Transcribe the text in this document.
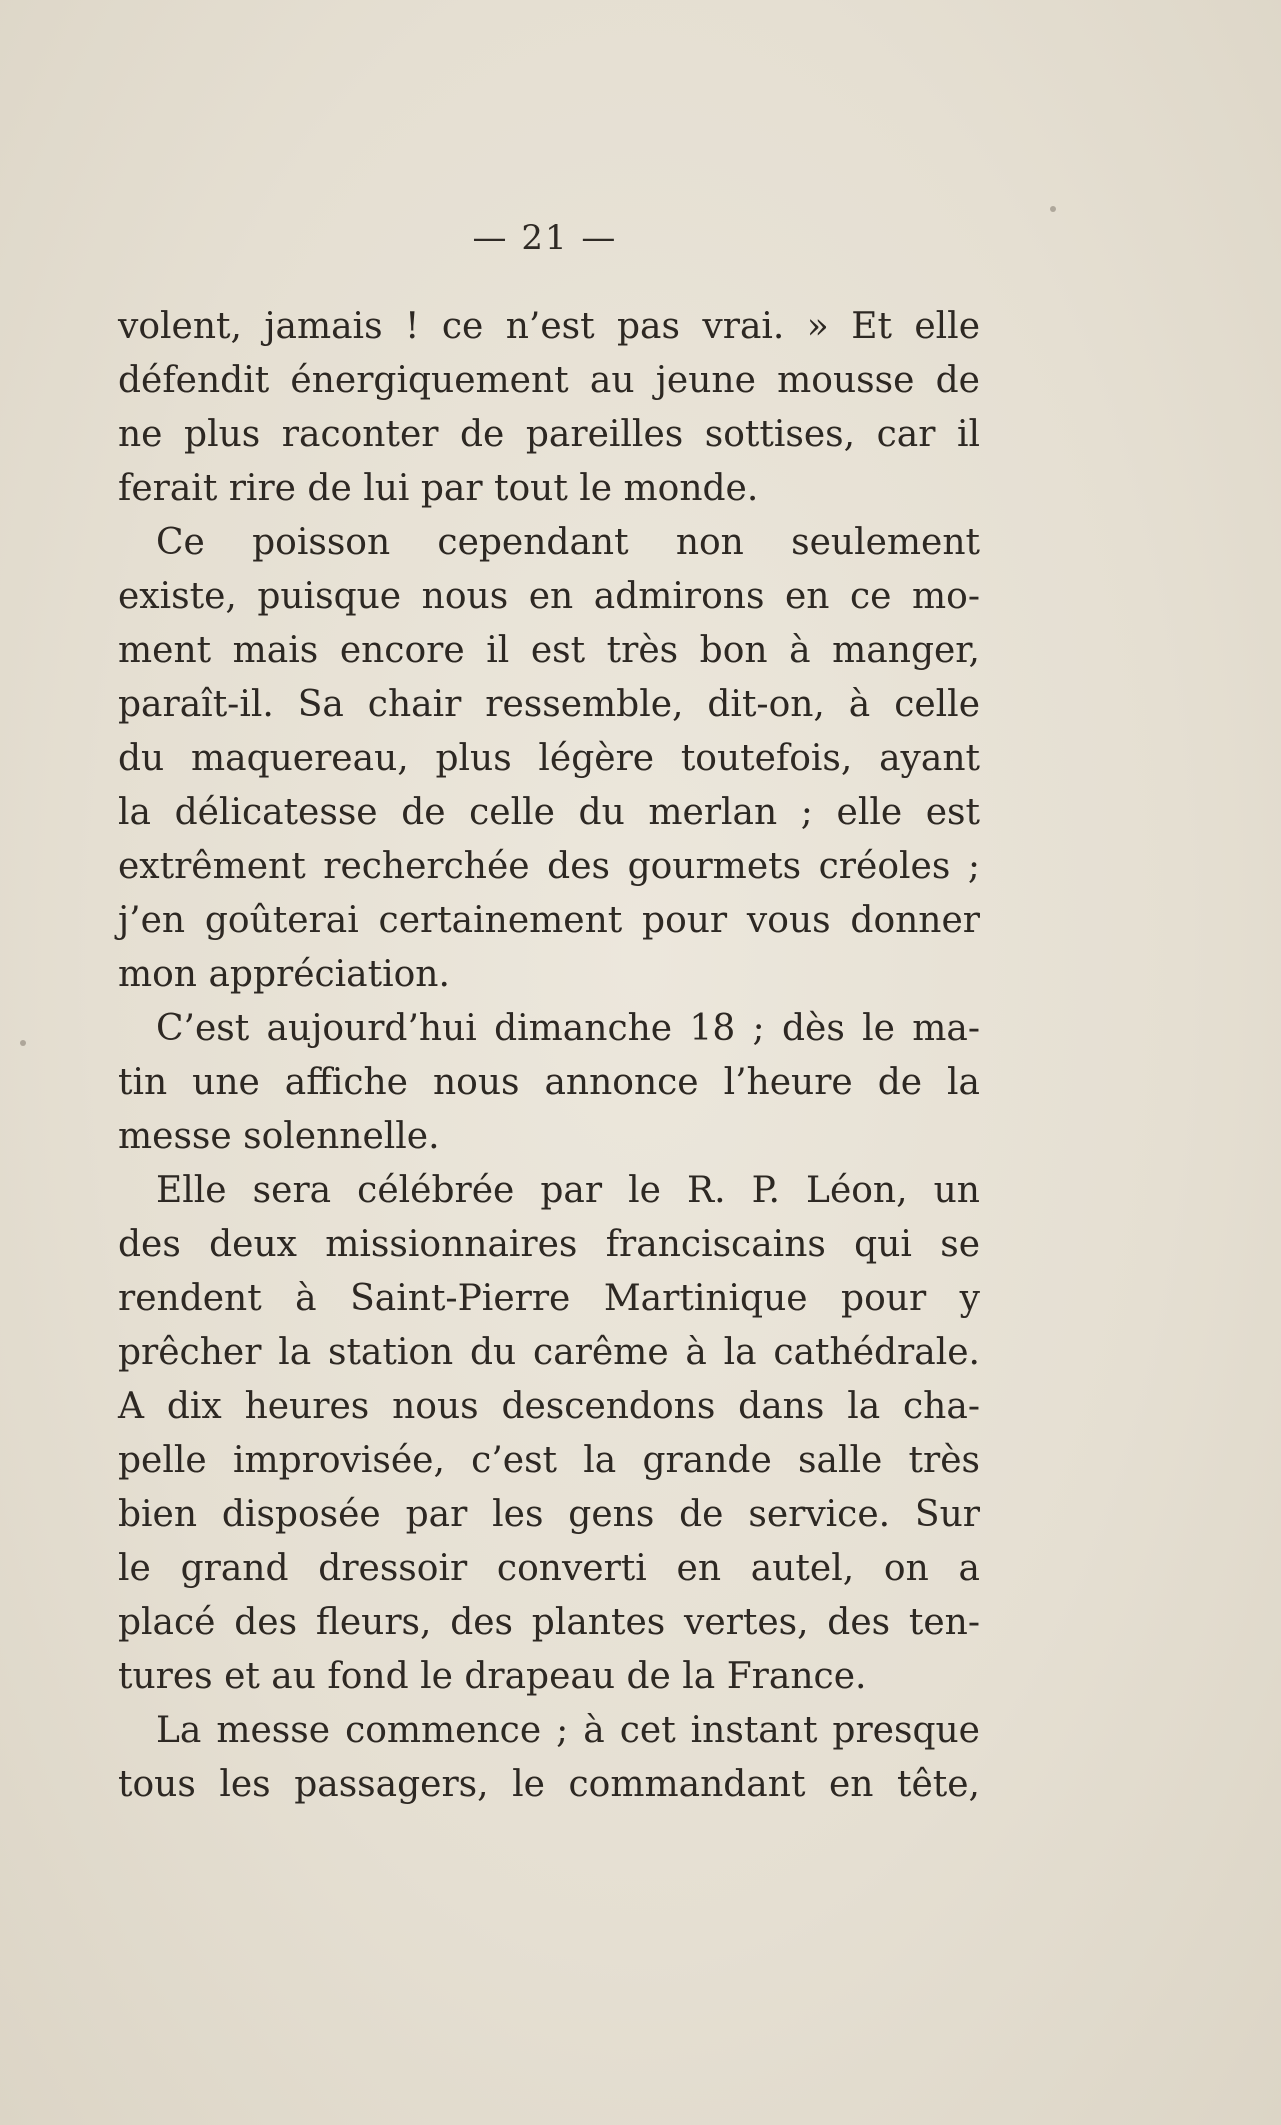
— 21 —
volent, jamais ! ce n’est pas vrai. » Et elle
défendit énergiquement au jeune mousse de
ne plus raconter de pareilles sottises, car il
ferait rire de lui par tout le monde.
Ce poisson cependant non seulement
existe, puisque nous en admirons en ce mo-
ment mais encore il est très bon à manger,
paraît-il. Sa chair ressemble, dit-on, à celle
du maquereau, plus légère toutefois, ayant
la délicatesse de celle du merlan ; elle est
extrêment recherchée des gourmets créoles ;
j’en goûterai certainement pour vous donner
mon appréciation.
C’est aujourd’hui dimanche 18 ; dès le ma-
tin une affiche nous annonce l’heure de la
messe solennelle.
Elle sera célébrée par le R. P. Léon, un
des deux missionnaires franciscains qui se
rendent à Saint-Pierre Martinique pour y
prêcher la station du carême à la cathédrale.
A dix heures nous descendons dans la cha-
pelle improvisée, c’est la grande salle très
bien disposée par les gens de service. Sur
le grand dressoir converti en autel, on a
placé des fleurs, des plantes vertes, des ten-
tures et au fond le drapeau de la France.
La messe commence ; à cet instant presque
tous les passagers, le commandant en tête,
